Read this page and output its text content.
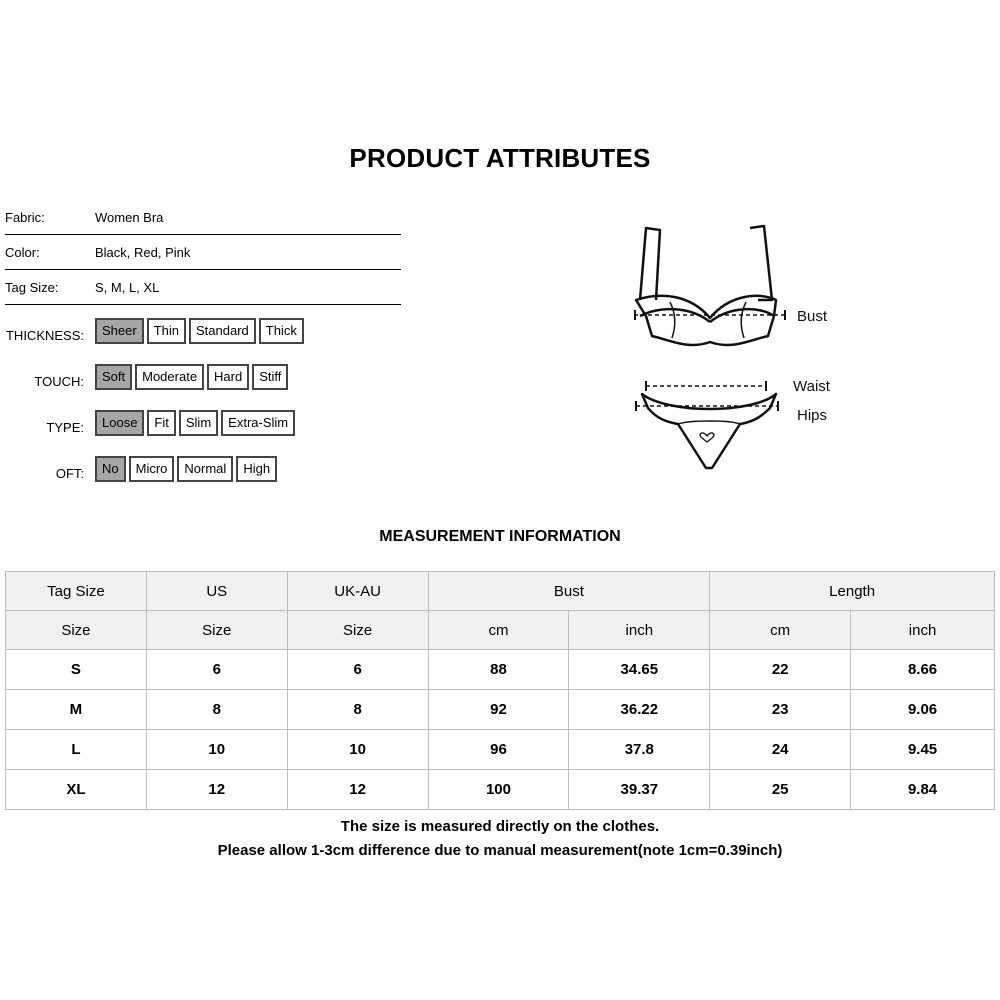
PRODUCT ATTRIBUTES
Fabric:	Women Bra
Color:	Black, Red, Pink
Tag Size:	S, M, L, XL
THICKNESS:	Sheer	Thin	Standard	Thick
TOUCH:	Soft	Moderate	Hard	Stiff
TYPE:	Loose	Fit	Slim	Extra-Slim
OFT:	No	Micro	Normal	High
Bust
Waist
Hips
MEASUREMENT INFORMATION
Tag Size	US	UK-AU	Bust		Length	
Size	Size	Size	cm	inch	cm	inch
S	6	6	88	34.65	22	8.66
M	8	8	92	36.22	23	9.06
L	10	10	96	37.8	24	9.45
XL	12	12	100	39.37	25	9.84
The size is measured directly on the clothes.
Please allow 1-3cm difference due to manual measurement(note 1cm=0.39inch)
